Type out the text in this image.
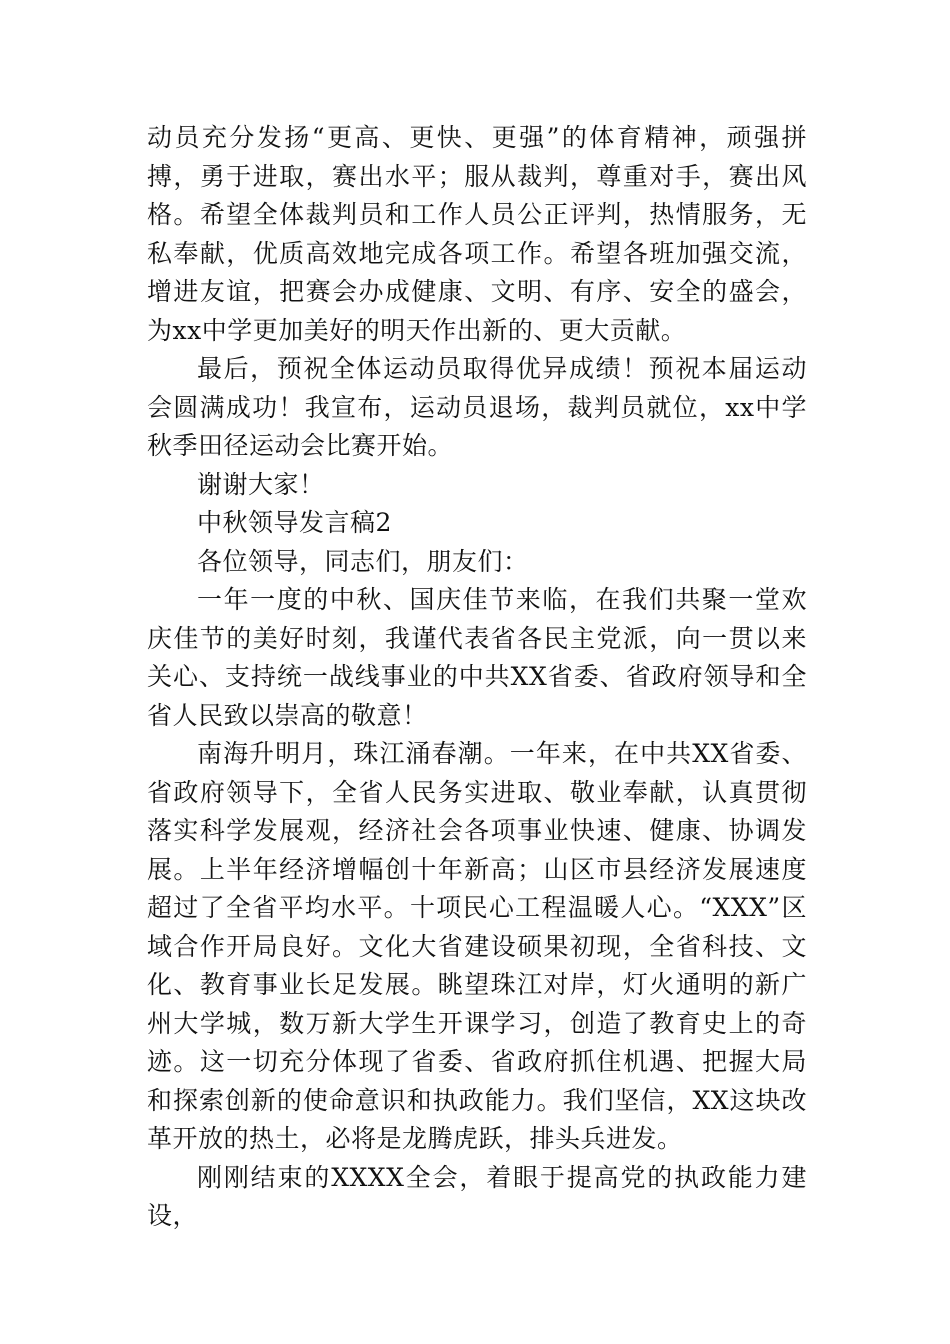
动员充分发扬“更高、更快、更强”的体育精神，顽强拼搏，勇于进取，赛出水平；服从裁判，尊重对手，赛出风格。希望全体裁判员和工作人员公正评判，热情服务，无私奉献，优质高效地完成各项工作。希望各班加强交流，增进友谊，把赛会办成健康、文明、有序、安全的盛会，为xx中学更加美好的明天作出新的、更大贡献。

最后，预祝全体运动员取得优异成绩！预祝本届运动会圆满成功！我宣布，运动员退场，裁判员就位，xx中学秋季田径运动会比赛开始。

谢谢大家！

中秋领导发言稿2

各位领导，同志们，朋友们：

一年一度的中秋、国庆佳节来临，在我们共聚一堂欢庆佳节的美好时刻，我谨代表省各民主党派，向一贯以来关心、支持统一战线事业的中共XX省委、省政府领导和全省人民致以崇高的敬意！

南海升明月，珠江涌春潮。一年来，在中共XX省委、省政府领导下，全省人民务实进取、敬业奉献，认真贯彻落实科学发展观，经济社会各项事业快速、健康、协调发展。上半年经济增幅创十年新高；山区市县经济发展速度超过了全省平均水平。十项民心工程温暖人心。“XXX”区域合作开局良好。文化大省建设硕果初现，全省科技、文化、教育事业长足发展。眺望珠江对岸，灯火通明的新广州大学城，数万新大学生开课学习，创造了教育史上的奇迹。这一切充分体现了省委、省政府抓住机遇、把握大局和探索创新的使命意识和执政能力。我们坚信，XX这块改革开放的热土，必将是龙腾虎跃，排头兵进发。

刚刚结束的XXXX全会，着眼于提高党的执政能力建设，
